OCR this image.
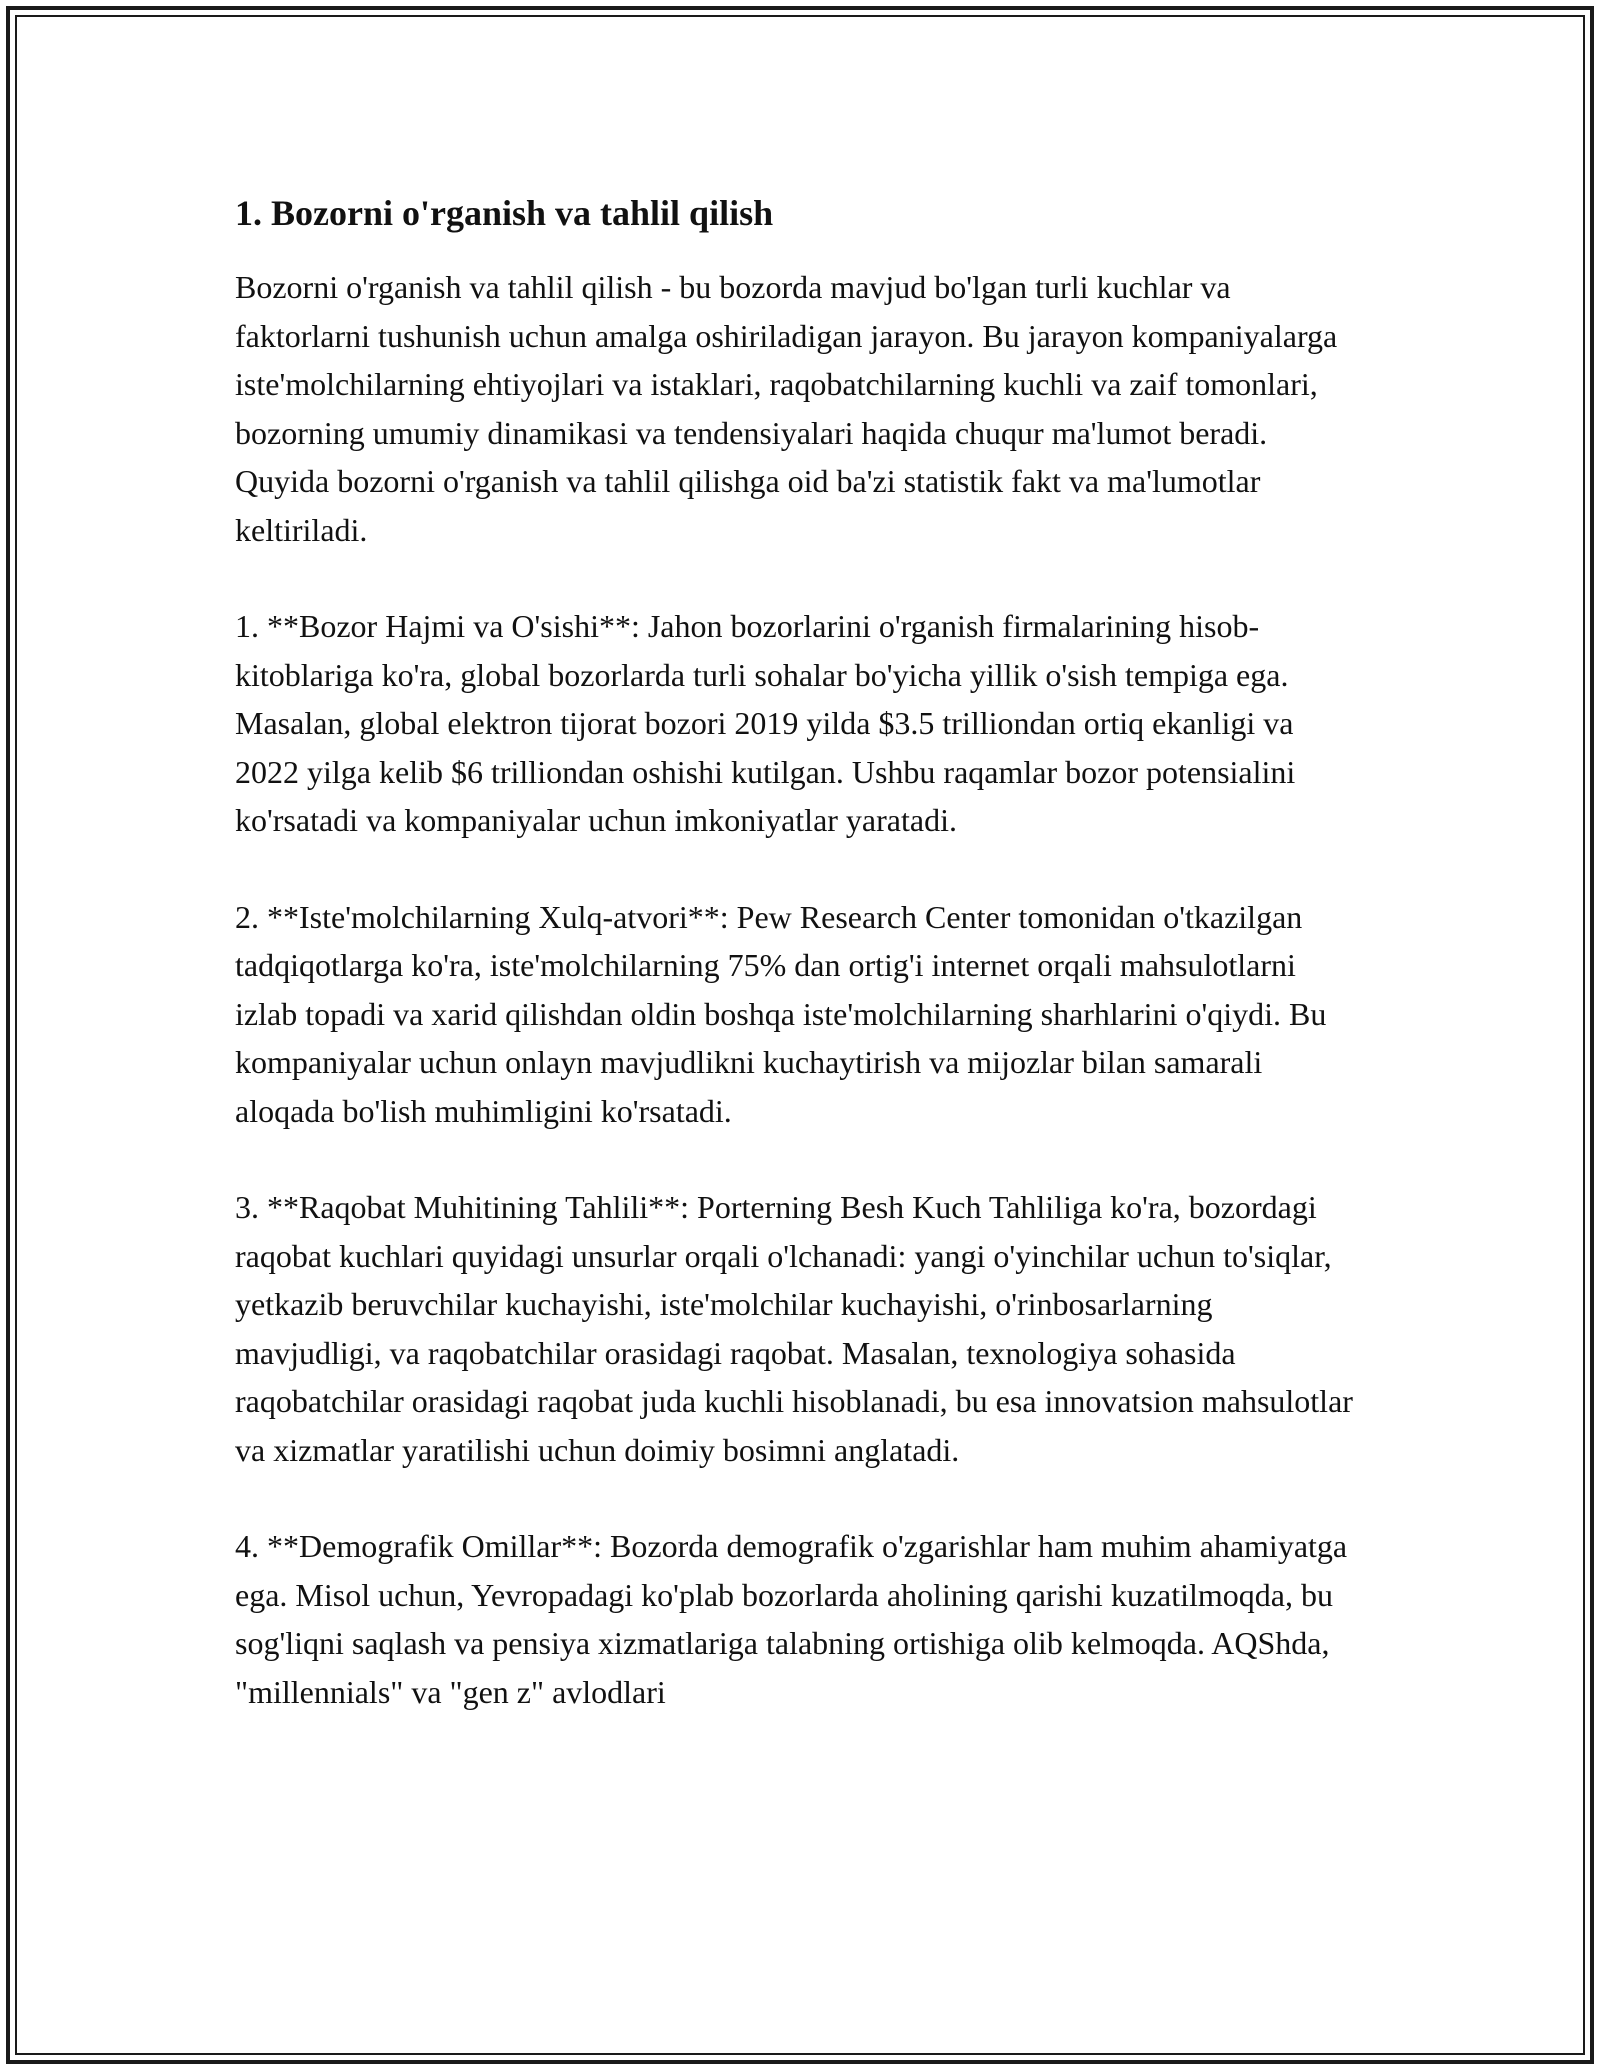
1. Bozorni o'rganish va tahlil qilish

Bozorni o'rganish va tahlil qilish - bu bozorda mavjud bo'lgan turli kuchlar va faktorlarni tushunish uchun amalga oshiriladigan jarayon. Bu jarayon kompaniyalarga iste'molchilarning ehtiyojlari va istaklari, raqobatchilarning kuchli va zaif tomonlari, bozorning umumiy dinamikasi va tendensiyalari haqida chuqur ma'lumot beradi. Quyida bozorni o'rganish va tahlil qilishga oid ba'zi statistik fakt va ma'lumotlar keltiriladi.

1. **Bozor Hajmi va O'sishi**: Jahon bozorlarini o'rganish firmalarining hisob-kitoblariga ko'ra, global bozorlarda turli sohalar bo'yicha yillik o'sish tempiga ega. Masalan, global elektron tijorat bozori 2019 yilda $3.5 trilliondan ortiq ekanligi va 2022 yilga kelib $6 trilliondan oshishi kutilgan. Ushbu raqamlar bozor potensialini ko'rsatadi va kompaniyalar uchun imkoniyatlar yaratadi.

2. **Iste'molchilarning Xulq-atvori**: Pew Research Center tomonidan o'tkazilgan tadqiqotlarga ko'ra, iste'molchilarning 75% dan ortig'i internet orqali mahsulotlarni izlab topadi va xarid qilishdan oldin boshqa iste'molchilarning sharhlarini o'qiydi. Bu kompaniyalar uchun onlayn mavjudlikni kuchaytirish va mijozlar bilan samarali aloqada bo'lish muhimligini ko'rsatadi.

3. **Raqobat Muhitining Tahlili**: Porterning Besh Kuch Tahliliga ko'ra, bozordagi raqobat kuchlari quyidagi unsurlar orqali o'lchanadi: yangi o'yinchilar uchun to'siqlar, yetkazib beruvchilar kuchayishi, iste'molchilar kuchayishi, o'rinbosarlarning mavjudligi, va raqobatchilar orasidagi raqobat. Masalan, texnologiya sohasida raqobatchilar orasidagi raqobat juda kuchli hisoblanadi, bu esa innovatsion mahsulotlar va xizmatlar yaratilishi uchun doimiy bosimni anglatadi.

4. **Demografik Omillar**: Bozorda demografik o'zgarishlar ham muhim ahamiyatga ega. Misol uchun, Yevropadagi ko'plab bozorlarda aholining qarishi kuzatilmoqda, bu sog'liqni saqlash va pensiya xizmatlariga talabning ortishiga olib kelmoqda. AQShda, "millennials" va "gen z" avlodlari
